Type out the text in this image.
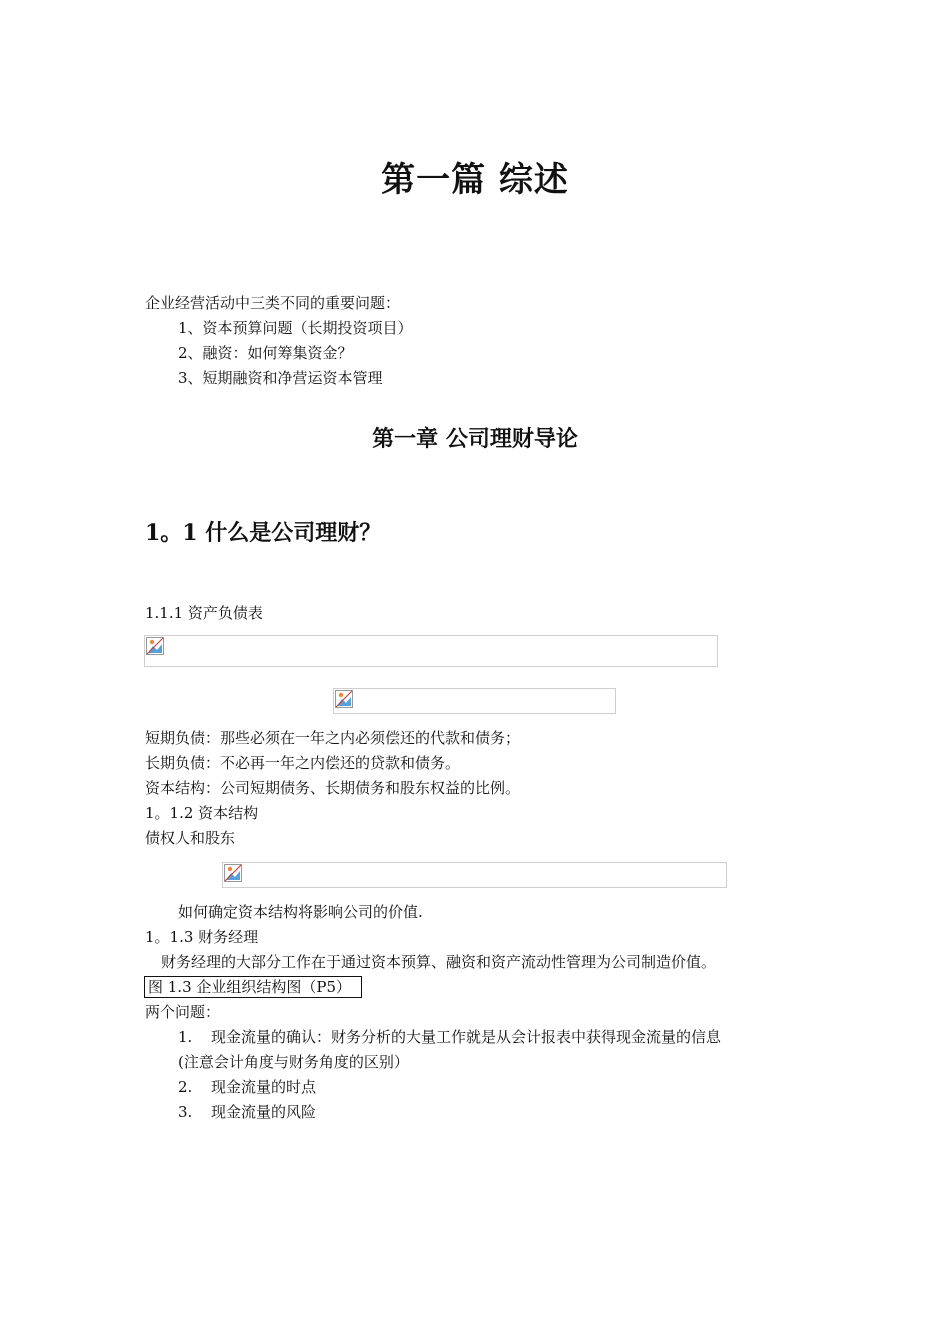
第一篇 综述
企业经营活动中三类不同的重要问题：
1、资本预算问题（长期投资项目）
2、融资：如何筹集资金？
3、短期融资和净营运资本管理
第一章 公司理财导论
1。1 什么是公司理财？
1.1.1 资产负债表
短期负债：那些必须在一年之内必须偿还的代款和债务；
长期负债：不必再一年之内偿还的贷款和债务。
资本结构：公司短期债务、长期债务和股东权益的比例。
1。1.2 资本结构
债权人和股东
如何确定资本结构将影响公司的价值.
1。1.3 财务经理
财务经理的大部分工作在于通过资本预算、融资和资产流动性管理为公司制造价值。
图 1.3 企业组织结构图（P5）
两个问题：
1. 现金流量的确认：财务分析的大量工作就是从会计报表中获得现金流量的信息
(注意会计角度与财务角度的区别）
2. 现金流量的时点
3. 现金流量的风险
